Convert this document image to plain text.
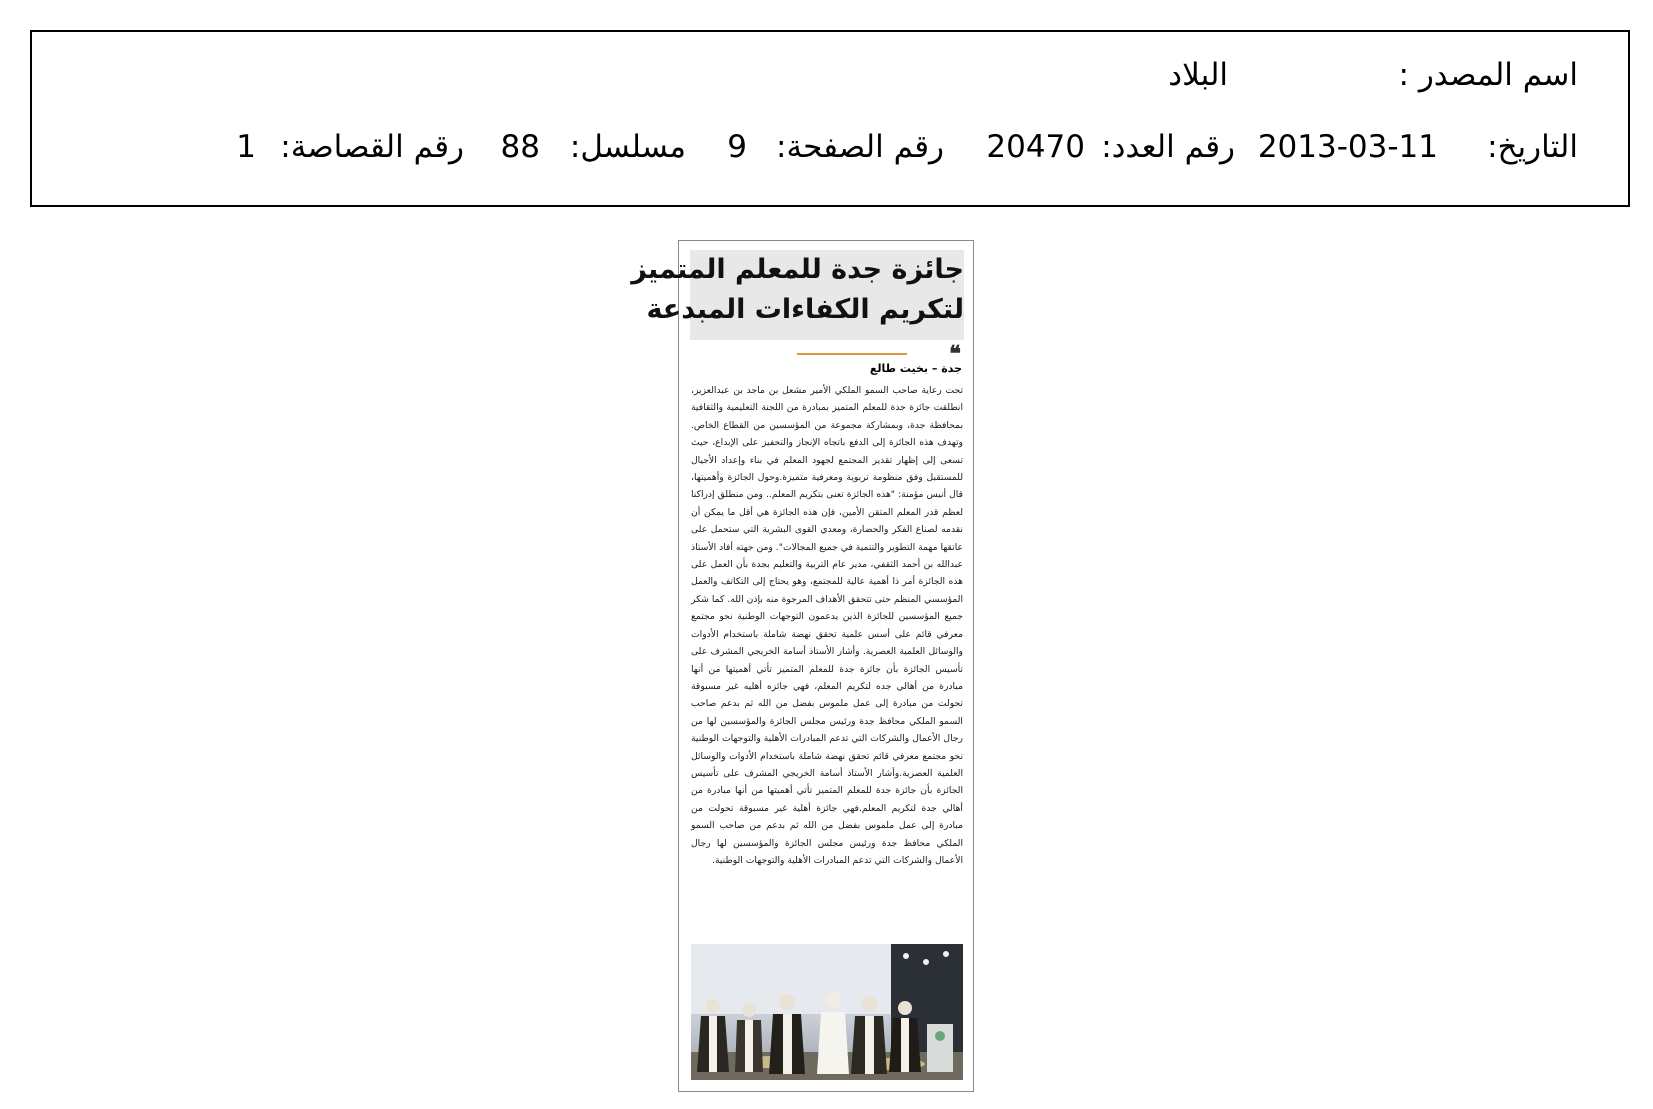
اسم المصدر :
البلاد
التاريخ:
2013-03-11
رقم العدد:
20470
رقم الصفحة:
9
مسلسل:
88
رقم القصاصة:
1
جائزة جدة للمعلم المتميز
لتكريم الكفاءات المبدعة
❝
جدة – بخيت طالع
تحت رعاية صاحب السمو الملكي الأمير مشعل بن ماجد بن عبدالعزيز، انطلقت جائزة جدة للمعلم المتميز بمبادرة من اللجنة التعليمية والثقافية بمحافظة جدة، وبمشاركة مجموعة من المؤسسين من القطاع الخاص. وتهدف هذه الجائزة إلى الدفع باتجاه الإنجاز والتحفيز على الإبداع، حيث تسعى إلى إظهار تقدير المجتمع لجهود المعلم في بناء وإعداد الأجيال للمستقبل وفق منظومة تربوية ومعرفية متميزة.وحول الجائزة وأهميتها، قال أنيس مؤمنة: "هذه الجائزة تعنى بتكريم المعلم.. ومن منطلق إدراكنا لعظم قدر المعلم المتقن الأمين، فإن هذه الجائزة هي أقل ما يمكن أن نقدمه لصناع الفكر والحضارة، ومعدي القوى البشرية التي ستحمل على عاتقها مهمة التطوير والتنمية في جميع المجالات". ومن جهته أفاد الأستاذ عبدالله بن أحمد الثقفي، مدير عام التربية والتعليم بجدة بأن العمل على هذه الجائزة أمر ذا أهمية عالية للمجتمع، وهو يحتاج إلى التكاتف والعمل المؤسسي المنظم حتى تتحقق الأهداف المرجوة منه بإذن الله. كما شكر جميع المؤسسين للجائزة الذين يدعمون التوجهات الوطنية نحو مجتمع معرفي قائم على أسس علمية تحقق نهضة شاملة باستخدام الأدوات والوسائل العلمية العصرية. وأشار الأستاذ أسامة الخريجي المشرف على تأسيس الجائزة بأن جائزة جدة للمعلم المتميز تأتي أهميتها من أنها مبادرة من أهالي جده لتكريم المعلم، فهي جائزه أهليه غير مسبوقة تحولت من مبادرة إلى عمل ملموس بفضل من الله ثم بدعم صاحب السمو الملكي محافظ جدة ورئيس مجلس الجائزة والمؤسسين لها من رجال الأعمال والشركات التي تدعم المبادرات الأهلية والتوجهات الوطنية نحو مجتمع معرفي قائم تحقق نهضة شاملة باستخدام الأدوات والوسائل العلمية العصرية.وأشار الأستاذ أسامة الخريجي المشرف على تأسيس الجائزة بأن جائزة جدة للمعلم المتميز تأتي أهميتها من أنها مبادرة من أهالي جدة لتكريم المعلم.فهي جائزة أهلية غير مسبوقة تحولت من مبادرة إلى عمل ملموس بفضل من الله ثم بدعم من صاحب السمو الملكي محافظ جدة ورئيس مجلس الجائزة والمؤسسين لها رجال الأعمال والشركات التي تدعم المبادرات الأهلية والتوجهات الوطنية.
